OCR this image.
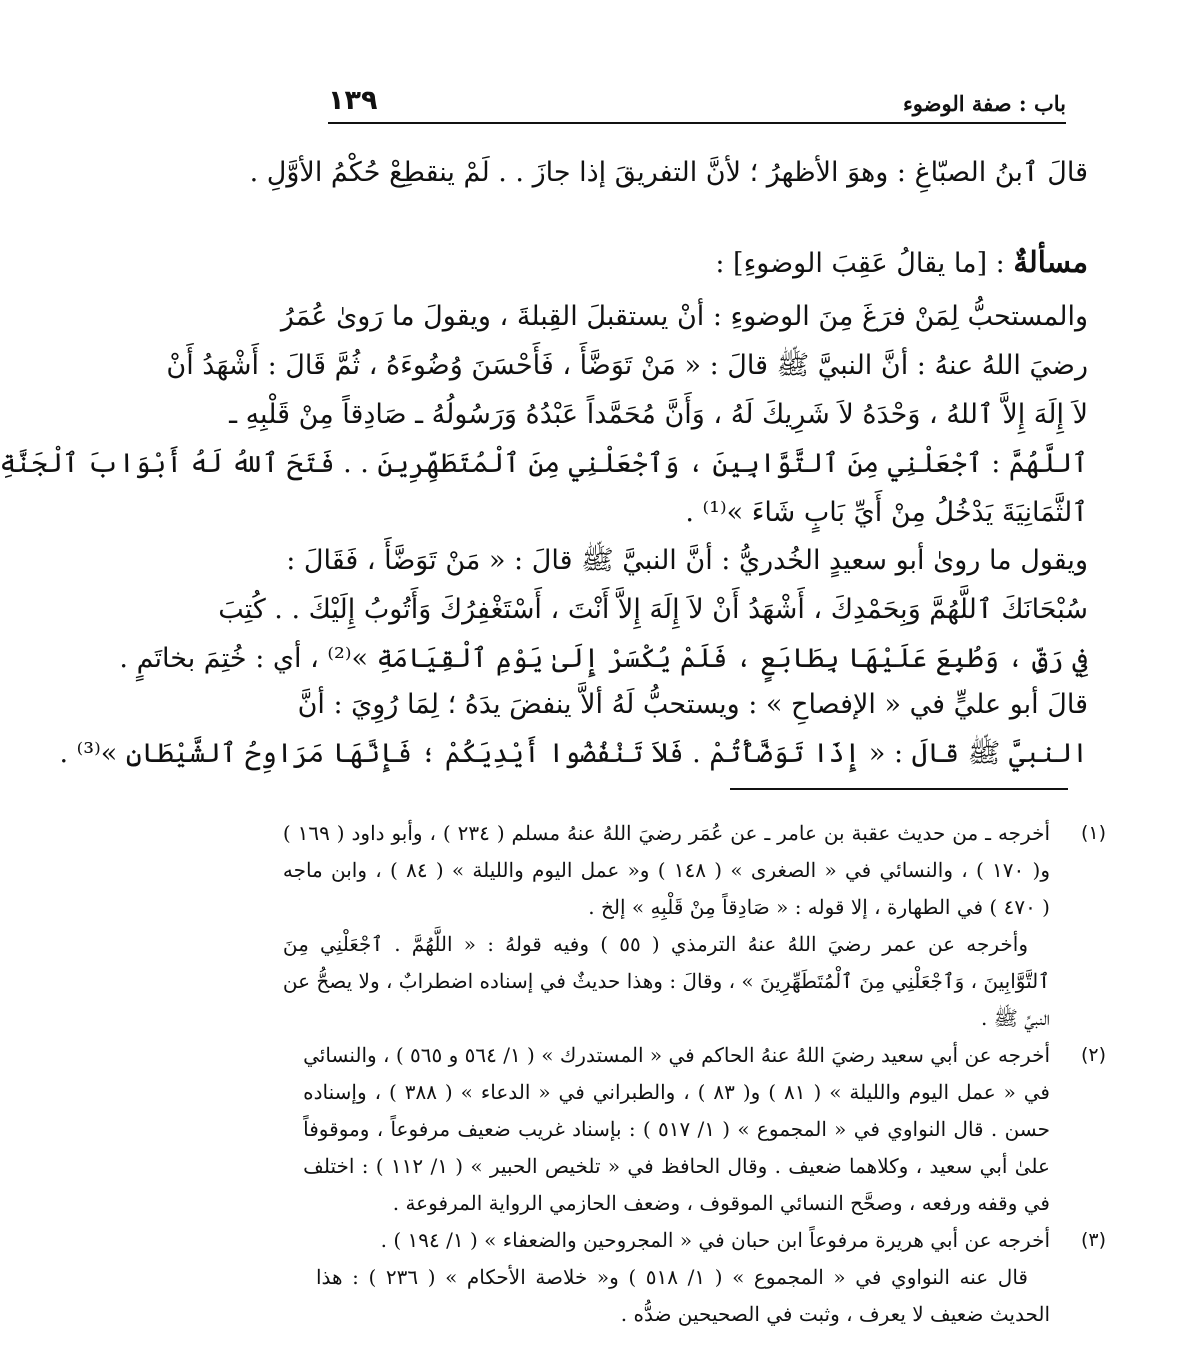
باب : صفة الوضوء
١٣٩
قالَ ٱبنُ الصبّاغِ : وهوَ الأظهرُ ؛ لأنَّ التفريقَ إذا جازَ . . لَمْ ينقطِعْ حُكْمُ الأوَّلِ .
مسألةٌ : [ما يقالُ عَقِبَ الوضوءِ] :
والمستحبُّ لِمَنْ فرَغَ مِنَ الوضوءِ : أنْ يستقبلَ القِبلةَ ، ويقولَ ما رَوىٰ عُمَرُ
رضيَ اللهُ عنهُ : أنَّ النبيَّ ﷺ قالَ : « مَنْ تَوَضَّأَ ، فَأَحْسَنَ وُضُوءَهُ ، ثُمَّ قَالَ : أَشْهَدُ أَنْ
لاَ إِلَهَ إِلاَّ ٱللهُ ، وَحْدَهُ لاَ شَرِيكَ لَهُ ، وَأَنَّ مُحَمَّداً عَبْدُهُ وَرَسُولُهُ ـ صَادِقاً مِنْ قَلْبِهِ ـ
ٱللَّهُمَّ : ٱجْعَلْنِي مِنَ ٱلتَّوَّابِينَ ، وَٱجْعَلْنِي مِنَ ٱلْمُتَطَهِّرِينَ . . فَتَحَ ٱللهُ لَهُ أَبْوَابَ ٱلْجَنَّةِ
ٱلثَّمَانِيَةَ يَدْخُلُ مِنْ أَيِّ بَابٍ شَاءَ »⁽¹⁾ .
ويقول ما روىٰ أبو سعيدٍ الخُدريُّ : أنَّ النبيَّ ﷺ قالَ : « مَنْ تَوَضَّأَ ، فَقَالَ :
سُبْحَانَكَ ٱللَّهُمَّ وَبِحَمْدِكَ ، أَشْهَدُ أَنْ لاَ إِلَهَ إِلاَّ أَنْتَ ، أَسْتَغْفِرُكَ وَأَتُوبُ إِلَيْكَ . . كُتِبَ
فِي رَقٍّ ، وَطُبِعَ عَلَيْهَا بِطَابَعٍ ، فَلَمْ يُكْسَرْ إِلَىٰ يَوْمِ ٱلْقِيَامَةِ »⁽²⁾ ، أي : خُتِمَ بخاتَمٍ .
قالَ أبو عليٍّ في « الإفصاحِ » : ويستحبُّ لَهُ ألاَّ ينفضَ يدَهُ ؛ لِمَا رُوِيَ : أنَّ
النبيَّ ﷺ قالَ : « إِذَا تَوَضَّأْتُمْ . فَلاَ تَنْفُضُوا أَيْدِيَكُمْ ؛ فَإِنَّهَا مَرَاوِحُ ٱلشَّيْطَانِ »⁽³⁾ .
(١)
أخرجه ـ من حديث عقبة بن عامر ـ عن عُمَر رضيَ اللهُ عنهُ مسلم ( ٢٣٤ ) ، وأبو داود ( ١٦٩ )
و( ١٧٠ ) ، والنسائي في « الصغرى » ( ١٤٨ ) و« عمل اليوم والليلة » ( ٨٤ ) ، وابن ماجه
( ٤٧٠ ) في الطهارة ، إلا قوله : « صَادِقاً مِنْ قَلْبِهِ » إلخ .
وأخرجه عن عمر رضيَ اللهُ عنهُ الترمذي ( ٥٥ ) وفيه قولهُ : « اللَّهُمَّ . ٱجْعَلْنِي مِنَ
ٱلتَّوَّابِينَ ، وَٱجْعَلْنِي مِنَ ٱلْمُتَطَهِّرِينَ » ، وقالَ : وهذا حديثٌ في إسناده اضطرابٌ ، ولا يصحُّ عن
النبيِّ ﷺ .
(٢)
أخرجه عن أبي سعيد رضيَ اللهُ عنهُ الحاكم في « المستدرك » ( ١/ ٥٦٤ و ٥٦٥ ) ، والنسائي
في « عمل اليوم والليلة » ( ٨١ ) و( ٨٣ ) ، والطبراني في « الدعاء » ( ٣٨٨ ) ، وإسناده
حسن . قال النواوي في « المجموع » ( ١/ ٥١٧ ) : بإسناد غريب ضعيف مرفوعاً ، وموقوفاً
علىٰ أبي سعيد ، وكلاهما ضعيف . وقال الحافظ في « تلخيص الحبير » ( ١/ ١١٢ ) : اختلف
في وقفه ورفعه ، وصحَّح النسائي الموقوف ، وضعف الحازمي الرواية المرفوعة .
(٣)
أخرجه عن أبي هريرة مرفوعاً ابن حبان في « المجروحين والضعفاء » ( ١/ ١٩٤ ) .
قال عنه النواوي في « المجموع » ( ١/ ٥١٨ ) و« خلاصة الأحكام » ( ٢٣٦ ) : هذا
الحديث ضعيف لا يعرف ، وثبت في الصحيحين ضدُّه .
